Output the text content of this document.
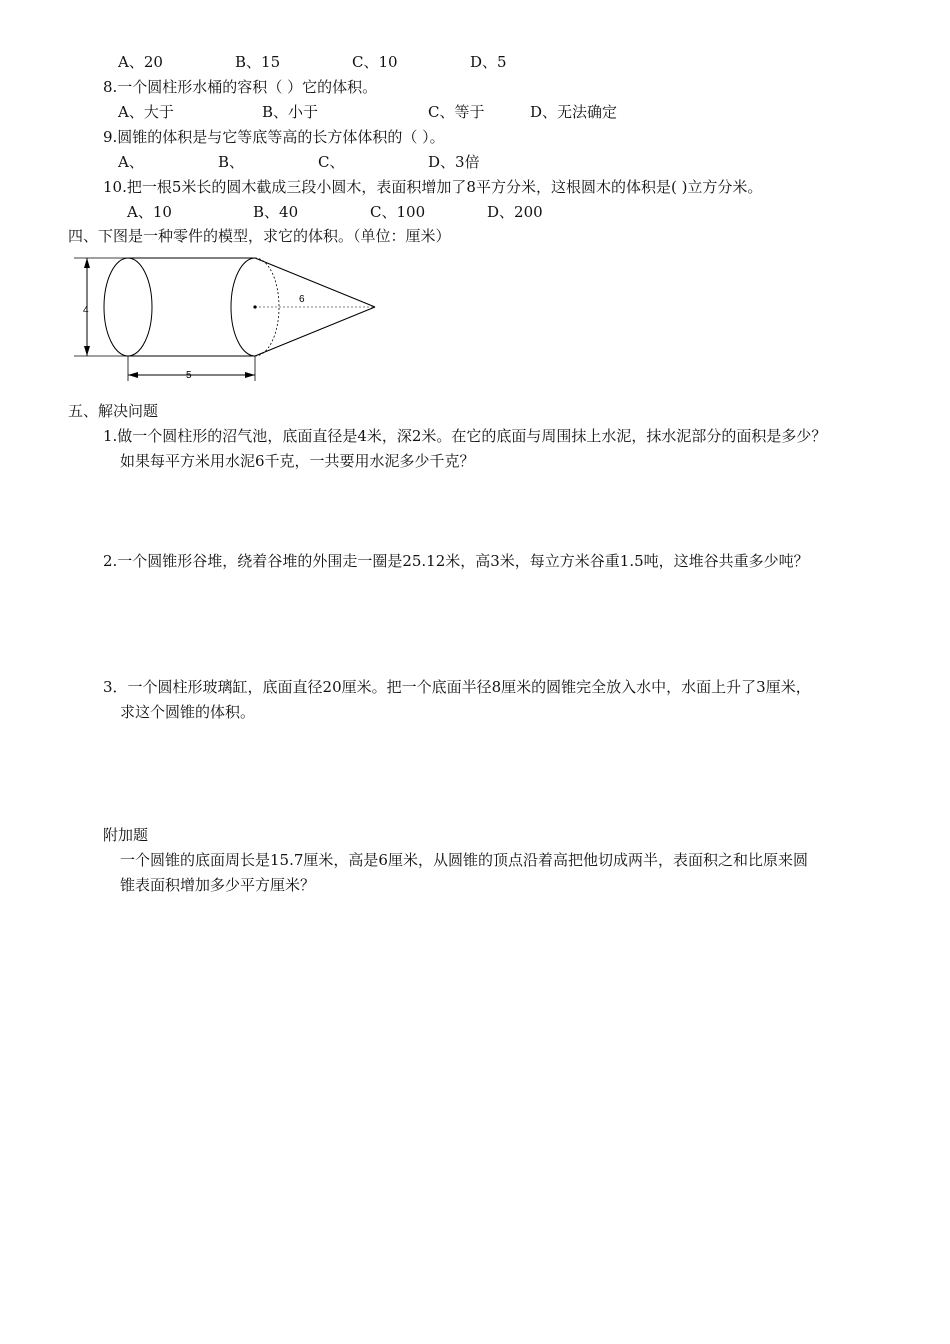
A、20	B、15	C、10	D、5
8.一个圆柱形水桶的容积（ ）它的体积。
A、大于	B、小于	C、等于	D、无法确定
9.圆锥的体积是与它等底等高的长方体体积的（ ）。
A、	B、	C、	D、3倍
10.把一根5米长的圆木截成三段小圆木，表面积增加了8平方分米，这根圆木的体积是( )立方分米。
A、10	B、40	C、100	D、200
四、下图是一种零件的模型，求它的体积。（单位：厘米）
4
6
5
五、解决问题
1.做一个圆柱形的沼气池，底面直径是4米，深2米。在它的底面与周围抹上水泥，抹水泥部分的面积是多少？
如果每平方米用水泥6千克，一共要用水泥多少千克？
2.一个圆锥形谷堆，绕着谷堆的外围走一圈是25.12米，高3米，每立方米谷重1.5吨，这堆谷共重多少吨？
3．一个圆柱形玻璃缸，底面直径20厘米。把一个底面半径8厘米的圆锥完全放入水中，水面上升了3厘米，
求这个圆锥的体积。
附加题
一个圆锥的底面周长是15.7厘米，高是6厘米，从圆锥的顶点沿着高把他切成两半，表面积之和比原来圆
锥表面积增加多少平方厘米？
